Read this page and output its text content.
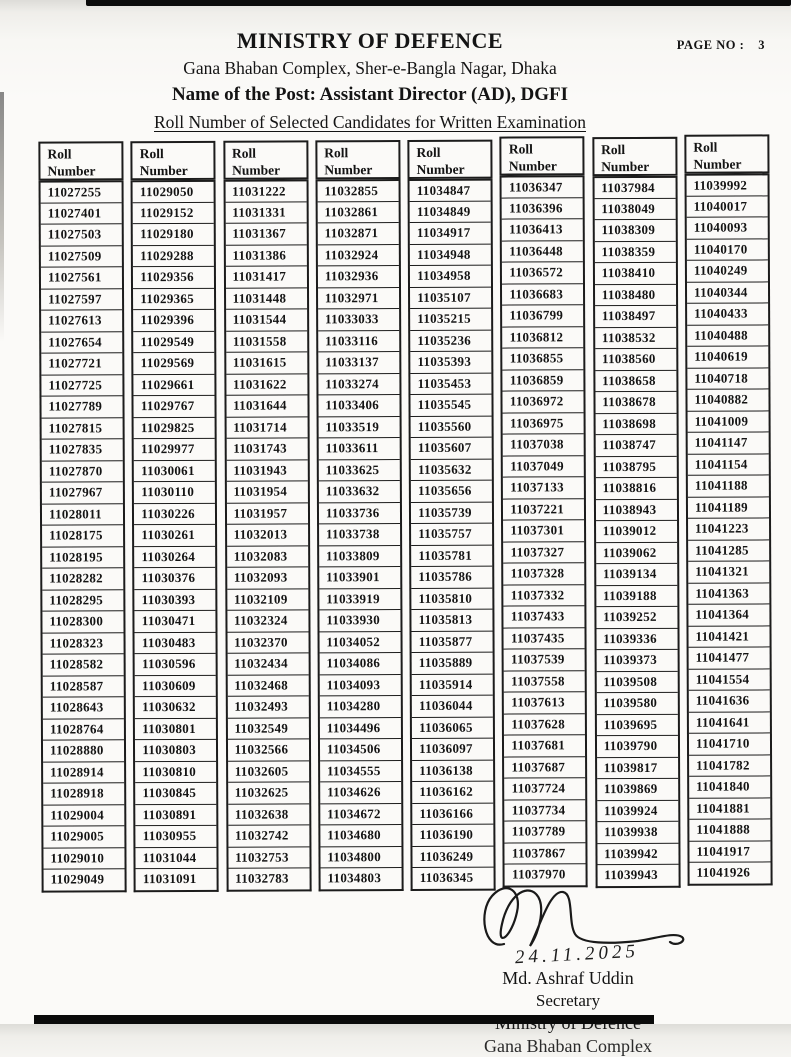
PAGE NO : 3
MINISTRY OF DEFENCE
Gana Bhaban Complex, Sher-e-Bangla Nagar, Dhaka
Name of the Post: Assistant Director (AD), DGFI
Roll Number of Selected Candidates for Written Examination
Roll Number
11027255
11027401
11027503
11027509
11027561
11027597
11027613
11027654
11027721
11027725
11027789
11027815
11027835
11027870
11027967
11028011
11028175
11028195
11028282
11028295
11028300
11028323
11028582
11028587
11028643
11028764
11028880
11028914
11028918
11029004
11029005
11029010
11029049
Roll Number
11029050
11029152
11029180
11029288
11029356
11029365
11029396
11029549
11029569
11029661
11029767
11029825
11029977
11030061
11030110
11030226
11030261
11030264
11030376
11030393
11030471
11030483
11030596
11030609
11030632
11030801
11030803
11030810
11030845
11030891
11030955
11031044
11031091
Roll Number
11031222
11031331
11031367
11031386
11031417
11031448
11031544
11031558
11031615
11031622
11031644
11031714
11031743
11031943
11031954
11031957
11032013
11032083
11032093
11032109
11032324
11032370
11032434
11032468
11032493
11032549
11032566
11032605
11032625
11032638
11032742
11032753
11032783
Roll Number
11032855
11032861
11032871
11032924
11032936
11032971
11033033
11033116
11033137
11033274
11033406
11033519
11033611
11033625
11033632
11033736
11033738
11033809
11033901
11033919
11033930
11034052
11034086
11034093
11034280
11034496
11034506
11034555
11034626
11034672
11034680
11034800
11034803
Roll Number
11034847
11034849
11034917
11034948
11034958
11035107
11035215
11035236
11035393
11035453
11035545
11035560
11035607
11035632
11035656
11035739
11035757
11035781
11035786
11035810
11035813
11035877
11035889
11035914
11036044
11036065
11036097
11036138
11036162
11036166
11036190
11036249
11036345
Roll Number
11036347
11036396
11036413
11036448
11036572
11036683
11036799
11036812
11036855
11036859
11036972
11036975
11037038
11037049
11037133
11037221
11037301
11037327
11037328
11037332
11037433
11037435
11037539
11037558
11037613
11037628
11037681
11037687
11037724
11037734
11037789
11037867
11037970
Roll Number
11037984
11038049
11038309
11038359
11038410
11038480
11038497
11038532
11038560
11038658
11038678
11038698
11038747
11038795
11038816
11038943
11039012
11039062
11039134
11039188
11039252
11039336
11039373
11039508
11039580
11039695
11039790
11039817
11039869
11039924
11039938
11039942
11039943
Roll Number
11039992
11040017
11040093
11040170
11040249
11040344
11040433
11040488
11040619
11040718
11040882
11041009
11041147
11041154
11041188
11041189
11041223
11041285
11041321
11041363
11041364
11041421
11041477
11041554
11041636
11041641
11041710
11041782
11041840
11041881
11041888
11041917
11041926
24.11.2025
Md. Ashraf Uddin
Secretary
Gana Bhaban Complex
